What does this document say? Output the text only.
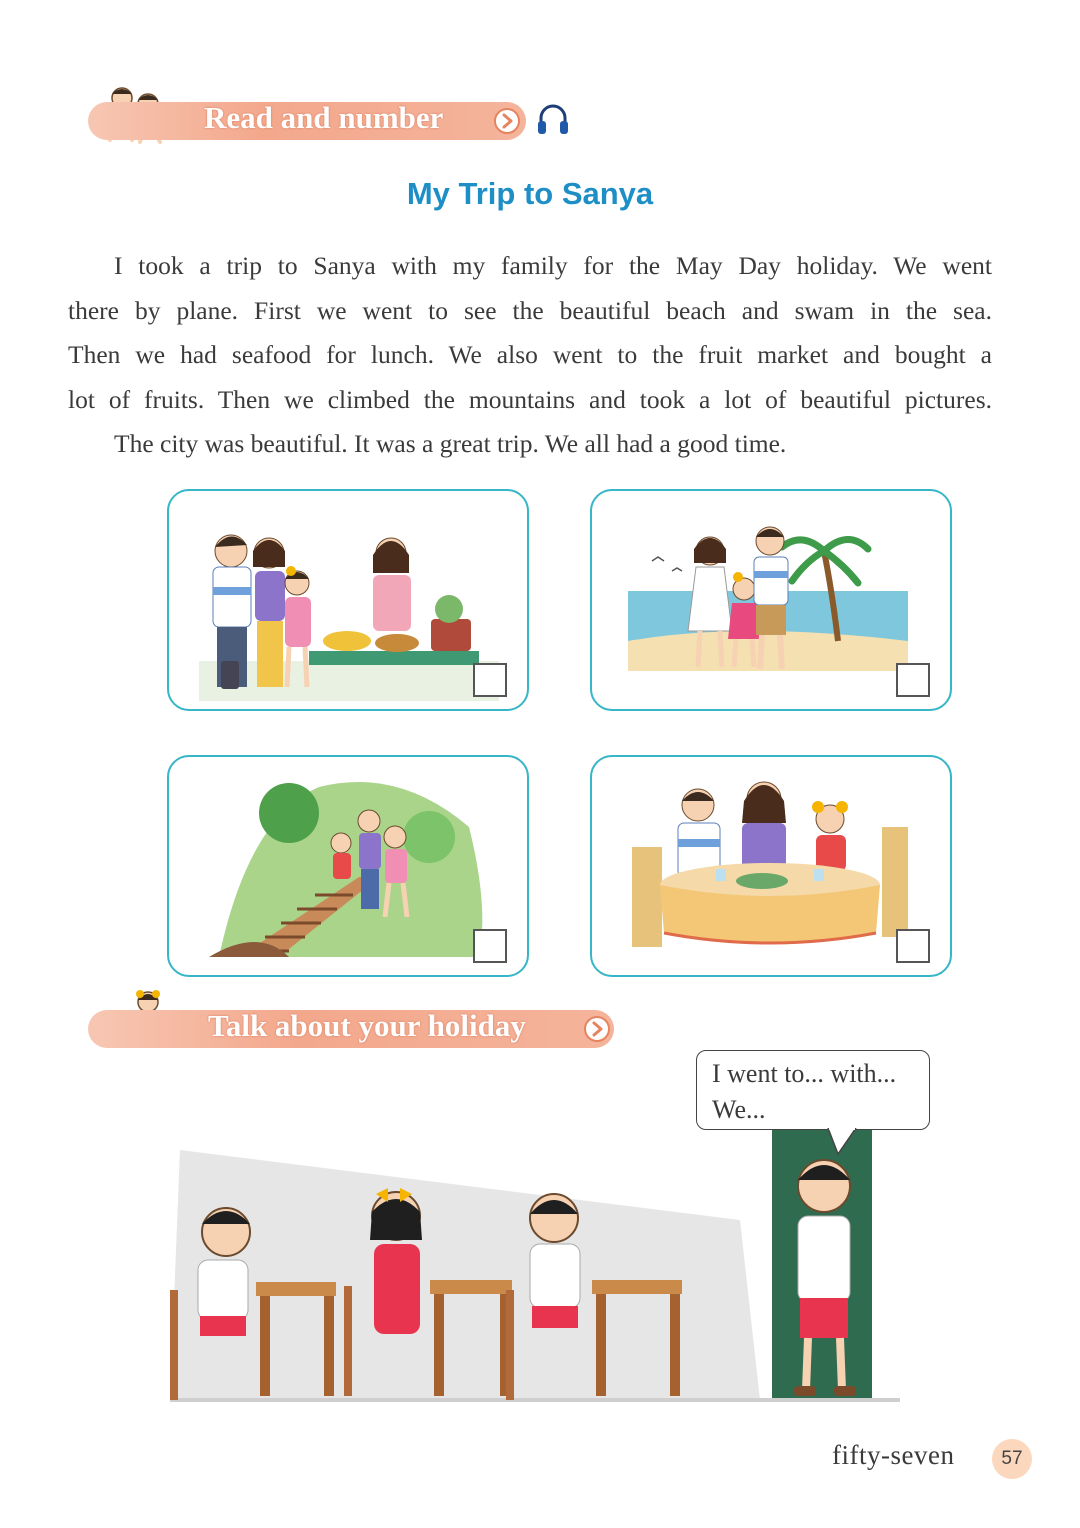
Read and number
My Trip to Sanya
I took a trip to Sanya with my family for the May Day holiday. We went
there by plane. First we went to see the beautiful beach and swam in the sea.
Then we had seafood for lunch. We also went to the fruit market and bought a
lot of fruits. Then we climbed the mountains and took a lot of beautiful pictures.
The city was beautiful. It was a great trip. We all had a good time.
Talk about your holiday
I went to... with...
We...
fifty-seven	57
